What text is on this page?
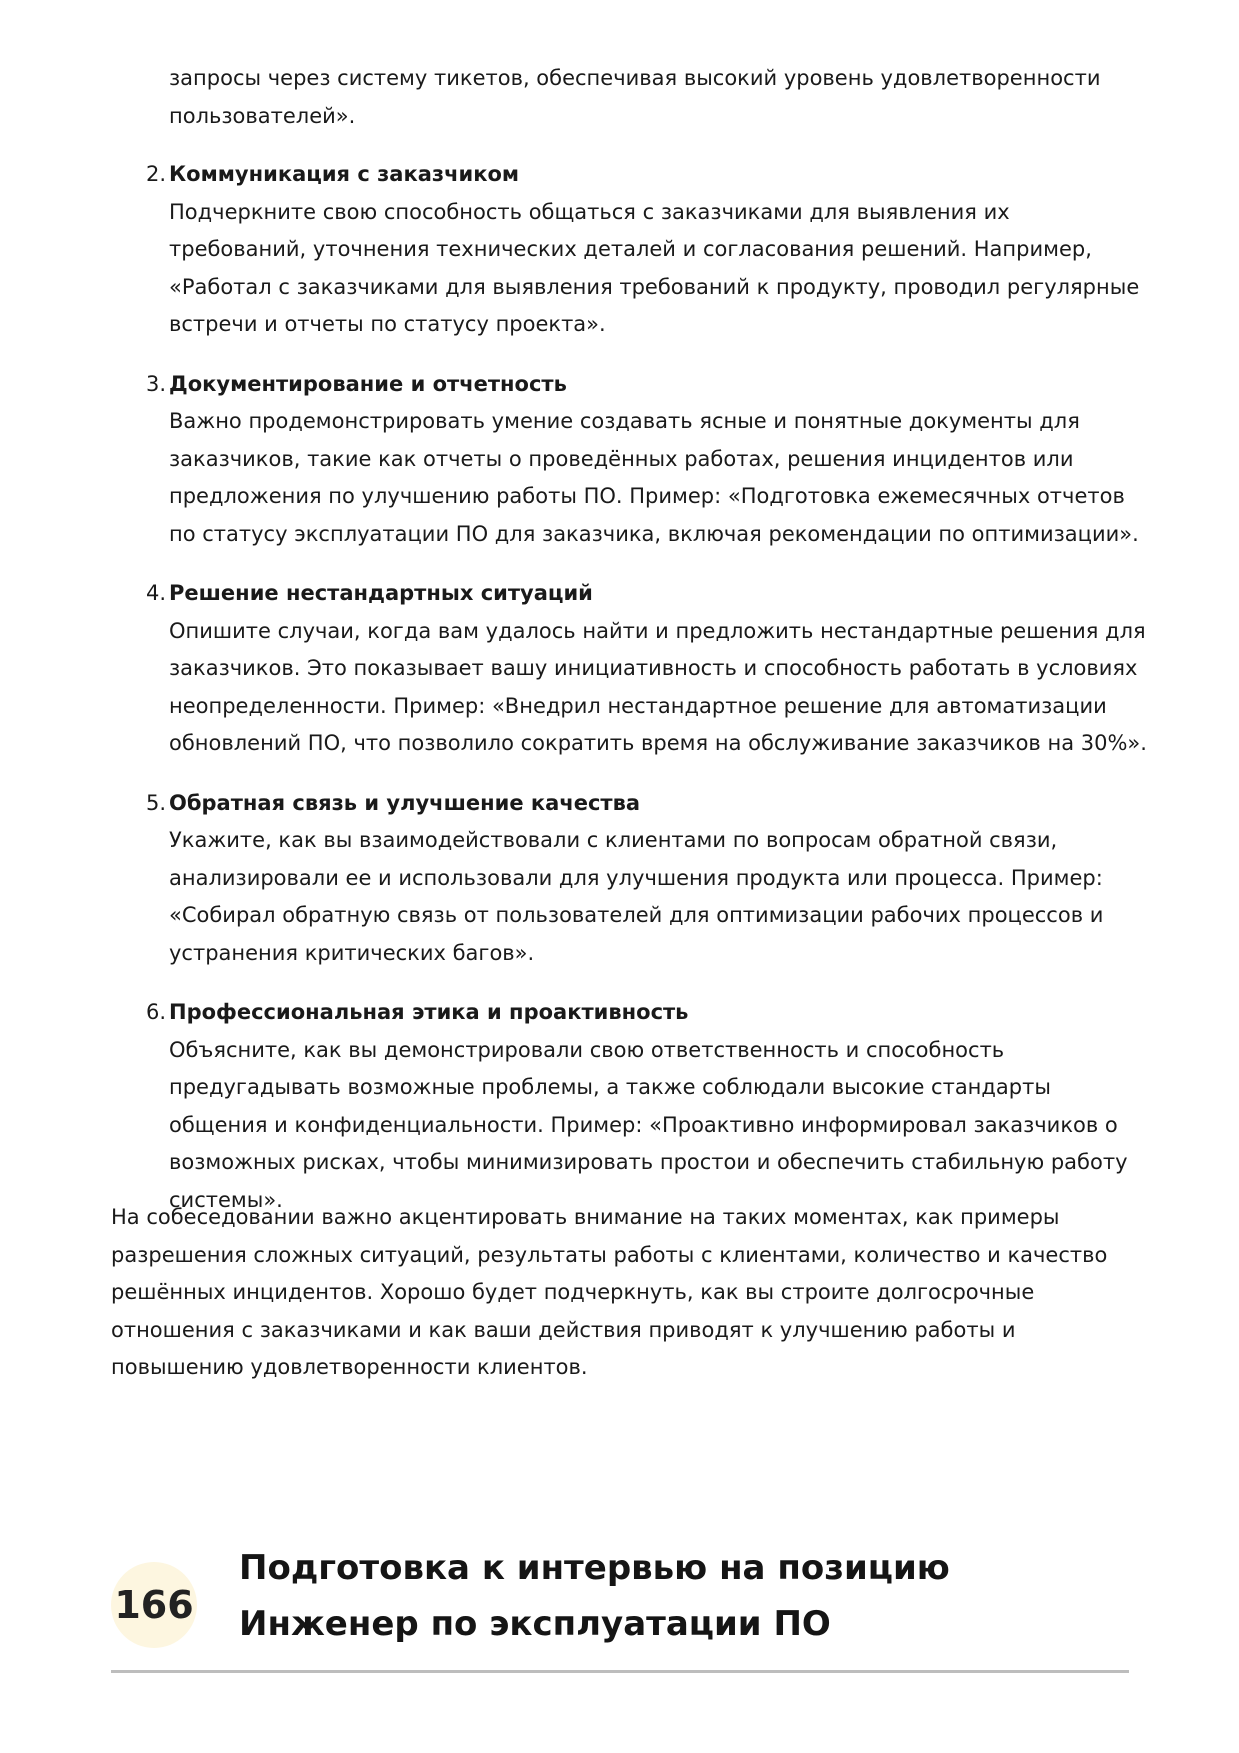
запросы через систему тикетов, обеспечивая высокий уровень удовлетворенности пользователей».

2. Коммуникация с заказчиком
Подчеркните свою способность общаться с заказчиками для выявления их требований, уточнения технических деталей и согласования решений. Например, «Работал с заказчиками для выявления требований к продукту, проводил регулярные встречи и отчеты по статусу проекта».
3. Документирование и отчетность
Важно продемонстрировать умение создавать ясные и понятные документы для заказчиков, такие как отчеты о проведённых работах, решения инцидентов или предложения по улучшению работы ПО. Пример: «Подготовка ежемесячных отчетов по статусу эксплуатации ПО для заказчика, включая рекомендации по оптимизации».
4. Решение нестандартных ситуаций
Опишите случаи, когда вам удалось найти и предложить нестандартные решения для заказчиков. Это показывает вашу инициативность и способность работать в условиях неопределенности. Пример: «Внедрил нестандартное решение для автоматизации обновлений ПО, что позволило сократить время на обслуживание заказчиков на 30%».
5. Обратная связь и улучшение качества
Укажите, как вы взаимодействовали с клиентами по вопросам обратной связи, анализировали ее и использовали для улучшения продукта или процесса. Пример: «Собирал обратную связь от пользователей для оптимизации рабочих процессов и устранения критических багов».
6. Профессиональная этика и проактивность
Объясните, как вы демонстрировали свою ответственность и способность предугадывать возможные проблемы, а также соблюдали высокие стандарты общения и конфиденциальности. Пример: «Проактивно информировал заказчиков о возможных рисках, чтобы минимизировать простои и обеспечить стабильную работу системы».

На собеседовании важно акцентировать внимание на таких моментах, как примеры разрешения сложных ситуаций, результаты работы с клиентами, количество и качество решённых инцидентов. Хорошо будет подчеркнуть, как вы строите долгосрочные отношения с заказчиками и как ваши действия приводят к улучшению работы и повышению удовлетворенности клиентов.

166
Подготовка к интервью на позицию Инженер по эксплуатации ПО
